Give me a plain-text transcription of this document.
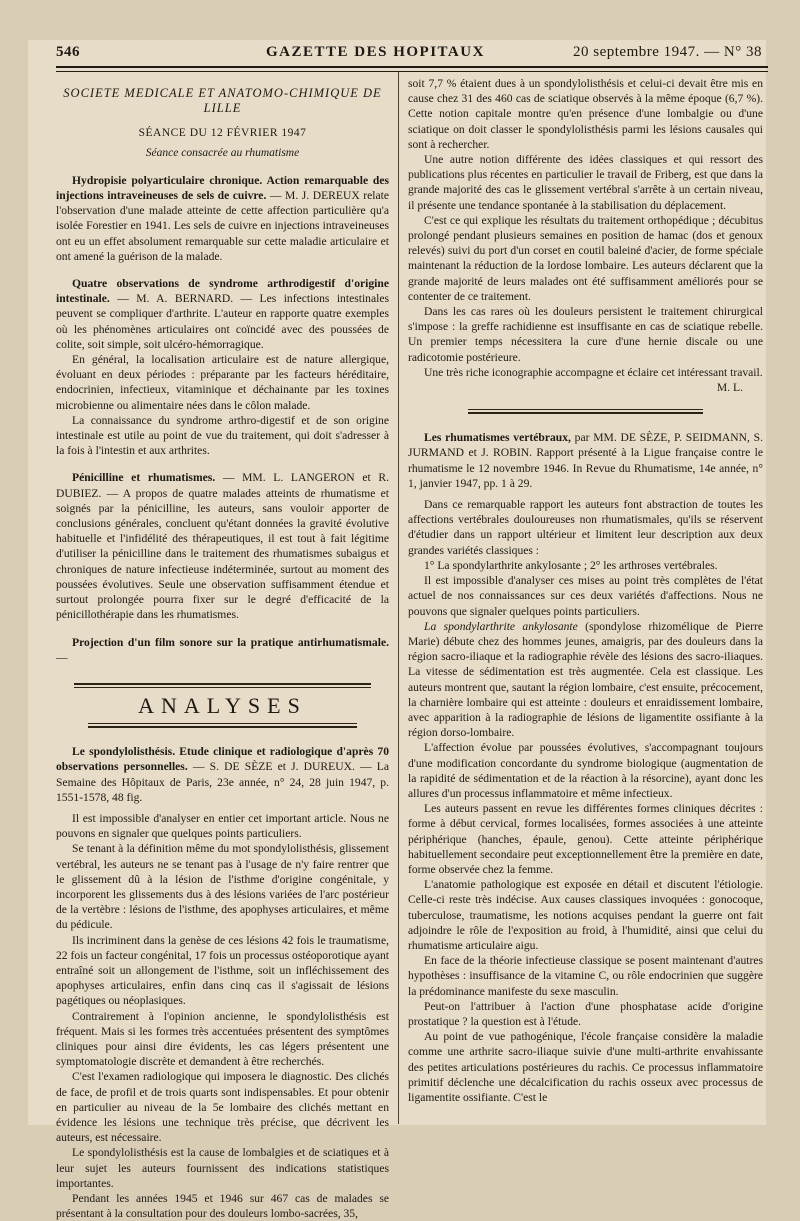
546	GAZETTE DES HOPITAUX	20 septembre 1947. — N° 38
SOCIETE MEDICALE ET ANATOMO-CHIMIQUE DE LILLE
SÉANCE DU 12 FÉVRIER 1947
Séance consacrée au rhumatisme

Hydropisie polyarticulaire chronique. Action remarquable des injections intraveineuses de sels de cuivre. — M. J. DEREUX relate l'observation d'une malade atteinte de cette affection particulière qu'a isolée Forestier en 1941. Les sels de cuivre en injections intraveineuses ont eu un effet absolument remarquable sur cette maladie articulaire et ont amené la guérison de la malade.

Quatre observations de syndrome arthrodigestif d'origine intestinale. — M. A. BERNARD. — Les infections intestinales peuvent se compliquer d'arthrite. L'auteur en rapporte quatre exemples où les phénomènes articulaires ont coïncidé avec des poussées de colite, soit simple, soit ulcéro-hémorragique.

En général, la localisation articulaire est de nature allergique, évoluant en deux périodes : préparante par les facteurs héréditaire, endocrinien, infectieux, vitaminique et déchainante par les toxines microbienne ou alimentaire nées dans le côlon malade.

La connaissance du syndrome arthro-digestif et de son origine intestinale est utile au point de vue du traitement, qui doit s'adresser à la fois à l'intestin et aux arthrites.

Pénicilline et rhumatismes. — MM. L. LANGERON et R. DUBIEZ. — A propos de quatre malades atteints de rhumatisme et soignés par la pénicilline, les auteurs, sans vouloir apporter de conclusions générales, concluent qu'étant données la gravité évolutive habituelle et l'infidélité des thérapeutiques, il est tout à fait légitime d'utiliser la pénicilline dans le traitement des rhumatismes subaigus et chroniques de nature infectieuse indéterminée, surtout au moment des poussées évolutives. Seule une observation suffisamment étendue et surtout prolongée pourra fixer sur le degré d'efficacité de la pénicillothérapie dans les rhumatismes.

Projection d'un film sonore sur la pratique antirhumatismale. —

ANALYSES

Le spondylolisthésis. Etude clinique et radiologique d'après 70 observations personnelles. — S. DE SÈZE et J. DUREUX. — La Semaine des Hôpitaux de Paris, 23e année, n° 24, 28 juin 1947, p. 1551-1578, 48 fig.

Il est impossible d'analyser en entier cet important article. Nous ne pouvons en signaler que quelques points particuliers.

Se tenant à la définition même du mot spondylolisthésis, glissement vertébral, les auteurs ne se tenant pas à l'usage de n'y faire rentrer que le glissement dû à la lésion de l'isthme d'origine congénitale, y incorporent les glissements dus à des lésions variées de l'arc postérieur de la vertèbre : lésions de l'isthme, des apophyses articulaires, et même du pédicule.

Ils incriminent dans la genèse de ces lésions 42 fois le traumatisme, 22 fois un facteur congénital, 17 fois un processus ostéoporotique ayant entraîné soit un allongement de l'isthme, soit un infléchissement des apophyses articulaires, enfin dans cinq cas il s'agissait de lésions pagétiques ou néoplasiques.

Contrairement à l'opinion ancienne, le spondylolisthésis est fréquent. Mais si les formes très accentuées présentent des symptômes cliniques pour ainsi dire évidents, les cas légers présentent une symptomatologie discrète et demandent à être recherchés.

C'est l'examen radiologique qui imposera le diagnostic. Des clichés de face, de profil et de trois quarts sont indispensables. Et pour obtenir en particulier au niveau de la 5e lombaire des clichés mettant en évidence les lésions une technique très précise, que décrivent les auteurs, est nécessaire.

Le spondylolisthésis est la cause de lombalgies et de sciatiques et à leur sujet les auteurs fournissent des indications statistiques importantes.

Pendant les années 1945 et 1946 sur 467 cas de malades se présentant à la consultation pour des douleurs lombo-sacrées, 35,

soit 7,7 % étaient dues à un spondylolisthésis et celui-ci devait être mis en cause chez 31 des 460 cas de sciatique observés à la même époque (6,7 %). Cette notion capitale montre qu'en présence d'une lombalgie ou d'une sciatique on doit classer le spondylolisthésis parmi les lésions causales qui sont à rechercher.

Une autre notion différente des idées classiques et qui ressort des publications plus récentes en particulier le travail de Friberg, est que dans la grande majorité des cas le glissement vertébral s'arrête à un certain niveau, il présente une tendance spontanée à la stabilisation du déplacement.

C'est ce qui explique les résultats du traitement orthopédique ; décubitus prolongé pendant plusieurs semaines en position de hamac (dos et genoux relevés) suivi du port d'un corset en coutil baleiné d'acier, de forme spéciale maintenant la réduction de la lordose lombaire. Les auteurs déclarent que la grande majorité de leurs malades ont été suffisamment améliorés pour se contenter de ce traitement.

Dans les cas rares où les douleurs persistent le traitement chirurgical s'impose : la greffe rachidienne est insuffisante en cas de sciatique rebelle. Un premier temps nécessitera la cure d'une hernie discale ou une radicotomie postérieure.

Une très riche iconographie accompagne et éclaire cet intéressant travail.

M. L.

Les rhumatismes vertébraux, par MM. DE SÈZE, P. SEIDMANN, S. JURMAND et J. ROBIN. Rapport présenté à la Ligue française contre le rhumatisme le 12 novembre 1946. In Revue du Rhumatisme, 14e année, n° 1, janvier 1947, pp. 1 à 29.

Dans ce remarquable rapport les auteurs font abstraction de toutes les affections vertébrales douloureuses non rhumatismales, qu'ils se réservent d'étudier dans un rapport ultérieur et limitent leur description aux deux grandes variétés classiques :

1° La spondylarthrite ankylosante ; 2° les arthroses vertébrales.

Il est impossible d'analyser ces mises au point très complètes de l'état actuel de nos connaissances sur ces deux variétés d'affections. Nous ne pouvons que signaler quelques points particuliers.

La spondylarthrite ankylosante (spondylose rhizomélique de Pierre Marie) débute chez des hommes jeunes, amaigris, par des douleurs dans la région sacro-iliaque et la radiographie révèle des lésions des sacro-iliaques. La vitesse de sédimentation est très augmentée. Cela est classique. Les auteurs montrent que, sautant la région lombaire, c'est ensuite, précocement, la charnière lombaire qui est atteinte : douleurs et enraidissement lombaire, avec apparition à la radiographie de lésions de ligamentite ossifiante à la région dorso-lombaire.

L'affection évolue par poussées évolutives, s'accompagnant toujours d'une modification concordante du syndrome biologique (augmentation de la rapidité de sédimentation et de la réaction à la résorcine), ayant donc les allures d'un processus inflammatoire et même infectieux.

Les auteurs passent en revue les différentes formes cliniques décrites : forme à début cervical, formes localisées, formes associées à une atteinte périphérique (hanches, épaule, genou). Cette atteinte périphérique habituellement secondaire peut exceptionnellement être la première en date, forme observée chez la femme.

L'anatomie pathologique est exposée en détail et discutent l'étiologie. Celle-ci reste très indécise. Aux causes classiques invoquées : gonocoque, tuberculose, traumatisme, les notions acquises pendant la guerre ont fait adjoindre le rôle de l'exposition au froid, à l'humidité, ainsi que celui du rhumatisme articulaire aigu.

En face de la théorie infectieuse classique se posent maintenant d'autres hypothèses : insuffisance de la vitamine C, ou rôle endocrinien que suggère la prédominance manifeste du sexe masculin.

Peut-on l'attribuer à l'action d'une phosphatase acide d'origine prostatique ? la question est à l'étude.

Au point de vue pathogénique, l'école française considère la maladie comme une arthrite sacro-iliaque suivie d'une multi-arthrite envahissante des petites articulations postérieures du rachis. Ce processus inflammatoire primitif déclenche une décalcification du rachis osseux avec processus de ligamentite ossifiante. C'est le
